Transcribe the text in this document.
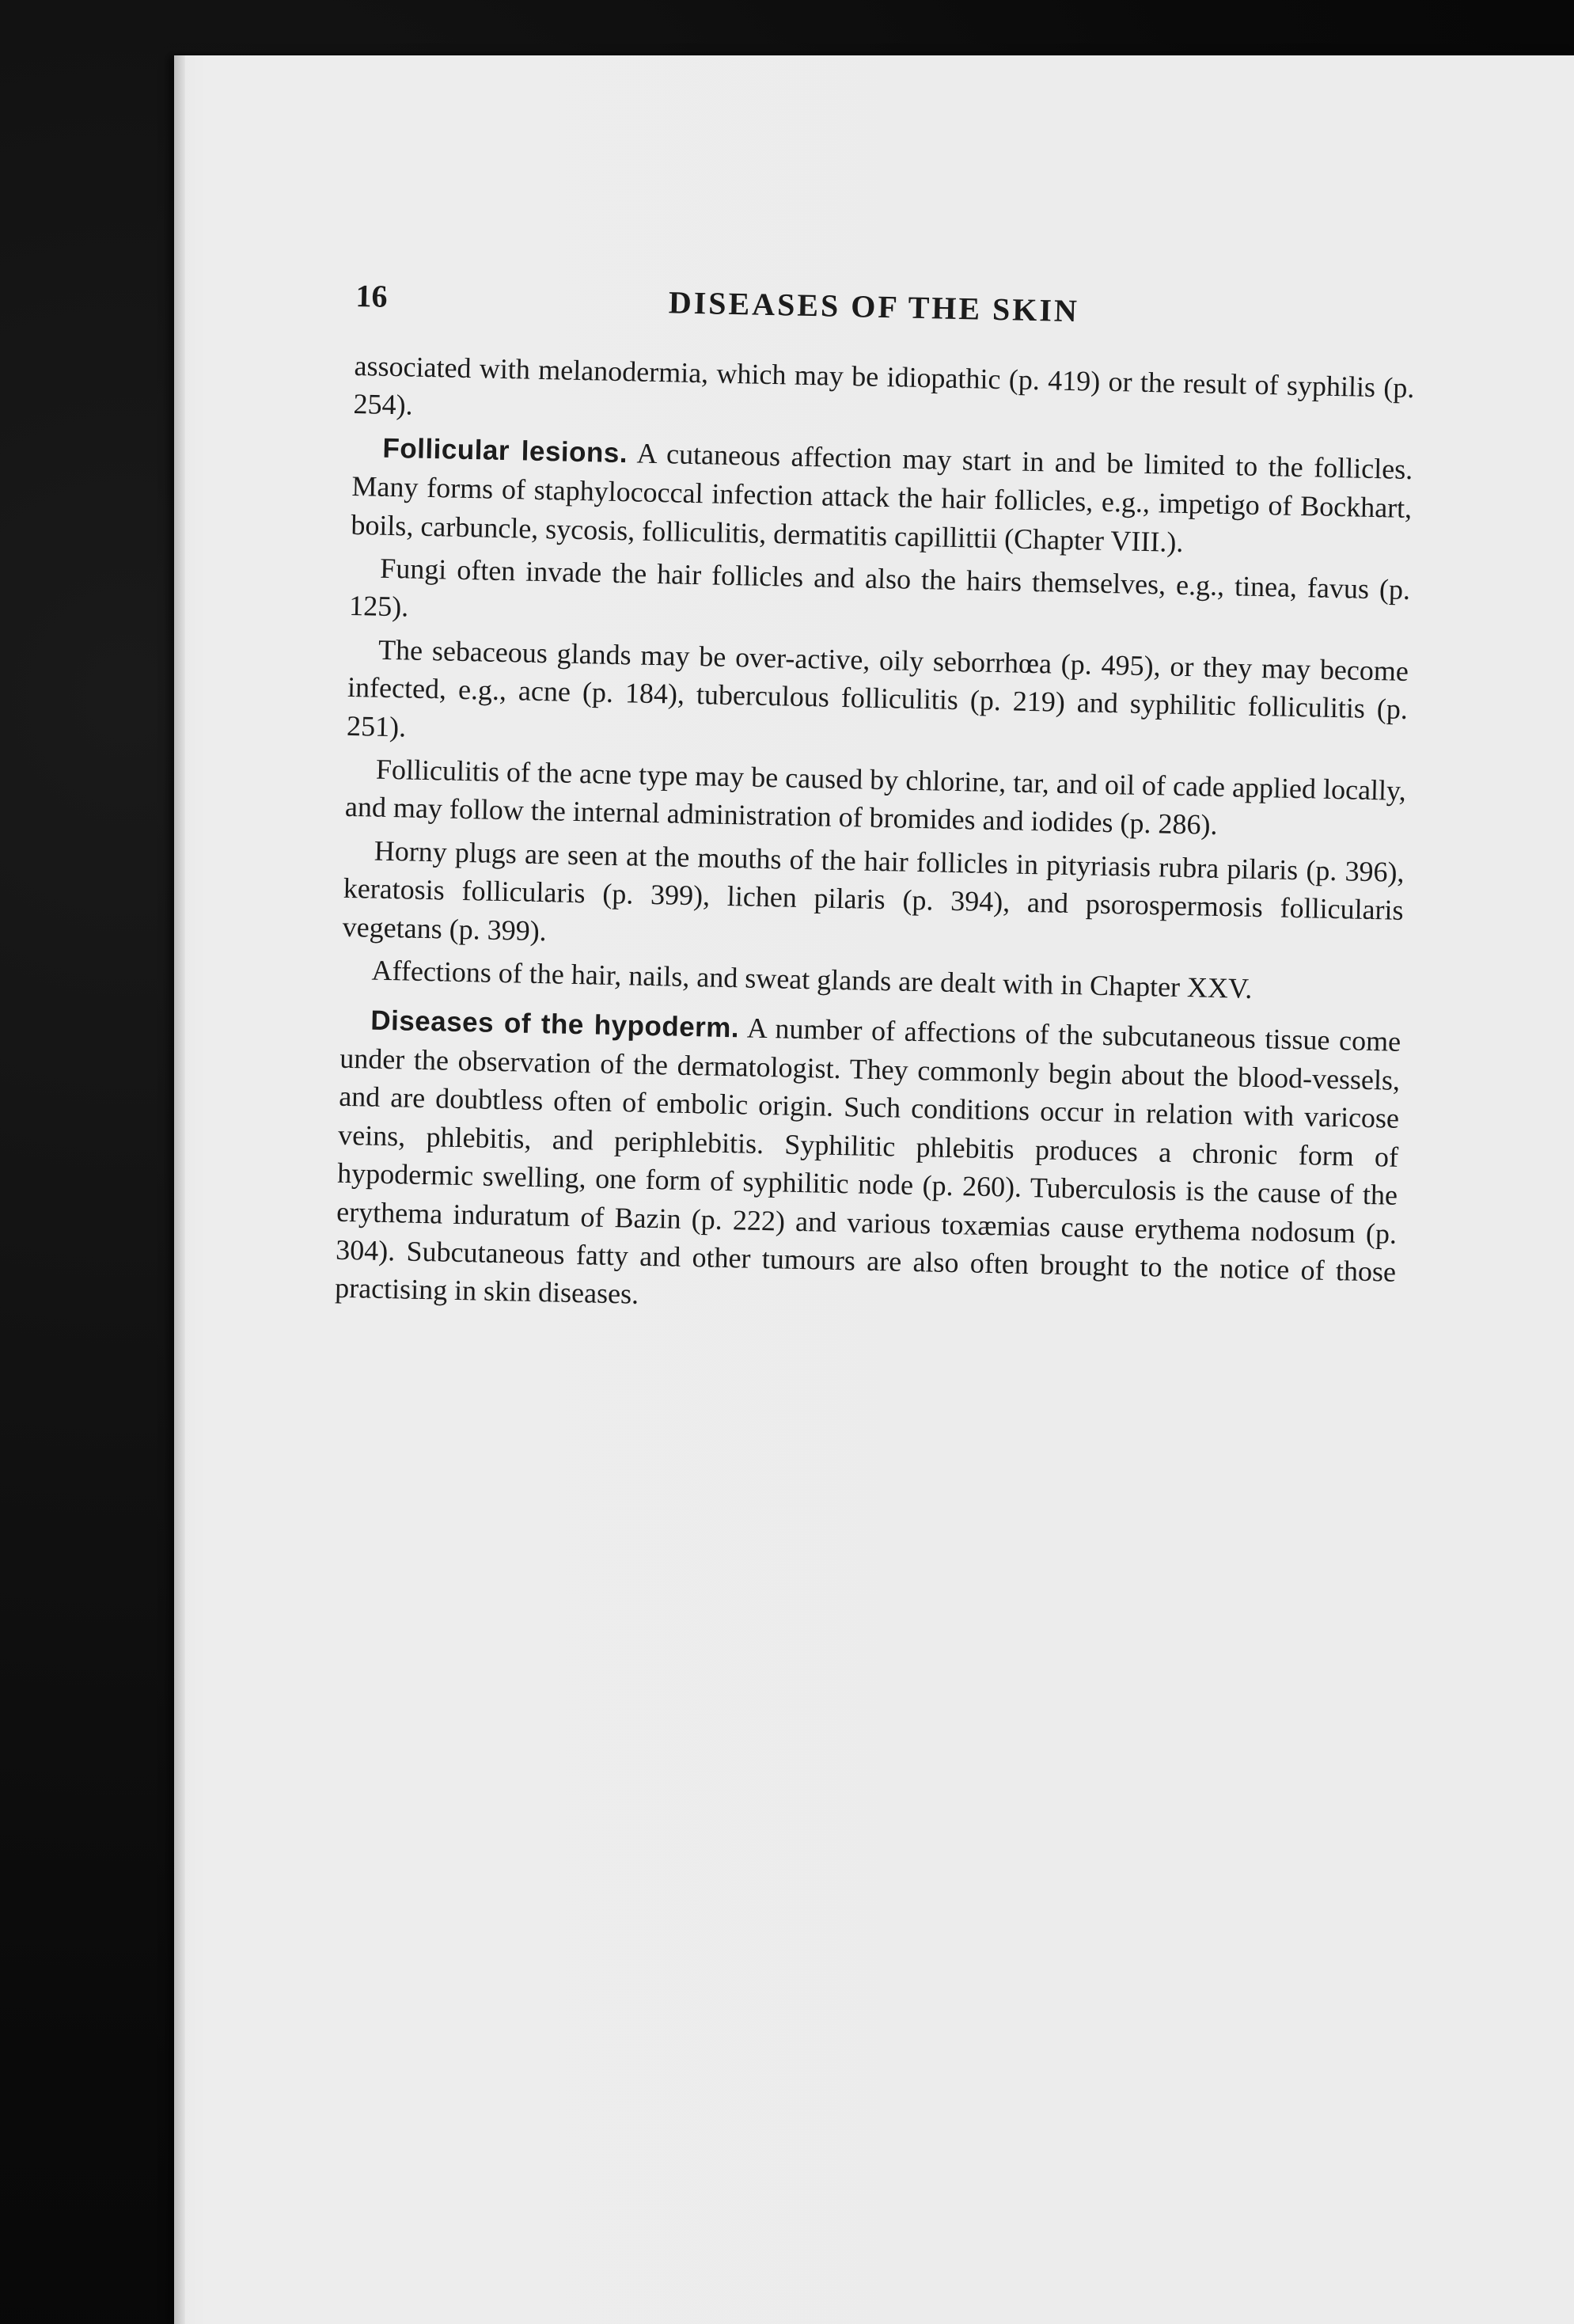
16	DISEASES OF THE SKIN

associated with melanodermia, which may be idiopathic (p. 419) or the result of syphilis (p. 254).

Follicular lesions. A cutaneous affection may start in and be limited to the follicles. Many forms of staphylococcal infection attack the hair follicles, e.g., impetigo of Bockhart, boils, carbuncle, sycosis, folliculitis, dermatitis capillittii (Chapter VIII.).

Fungi often invade the hair follicles and also the hairs themselves, e.g., tinea, favus (p. 125).

The sebaceous glands may be over-active, oily seborrhœa (p. 495), or they may become infected, e.g., acne (p. 184), tuberculous folliculitis (p. 219) and syphilitic folliculitis (p. 251).

Folliculitis of the acne type may be caused by chlorine, tar, and oil of cade applied locally, and may follow the internal administration of bromides and iodides (p. 286).

Horny plugs are seen at the mouths of the hair follicles in pityriasis rubra pilaris (p. 396), keratosis follicularis (p. 399), lichen pilaris (p. 394), and psorospermosis follicularis vegetans (p. 399).

Affections of the hair, nails, and sweat glands are dealt with in Chapter XXV.

Diseases of the hypoderm. A number of affections of the subcutaneous tissue come under the observation of the dermatologist. They commonly begin about the blood-vessels, and are doubtless often of embolic origin. Such conditions occur in relation with varicose veins, phlebitis, and periphlebitis. Syphilitic phlebitis produces a chronic form of hypodermic swelling, one form of syphilitic node (p. 260). Tuberculosis is the cause of the erythema induratum of Bazin (p. 222) and various toxæmias cause erythema nodosum (p. 304). Subcutaneous fatty and other tumours are also often brought to the notice of those practising in skin diseases.
